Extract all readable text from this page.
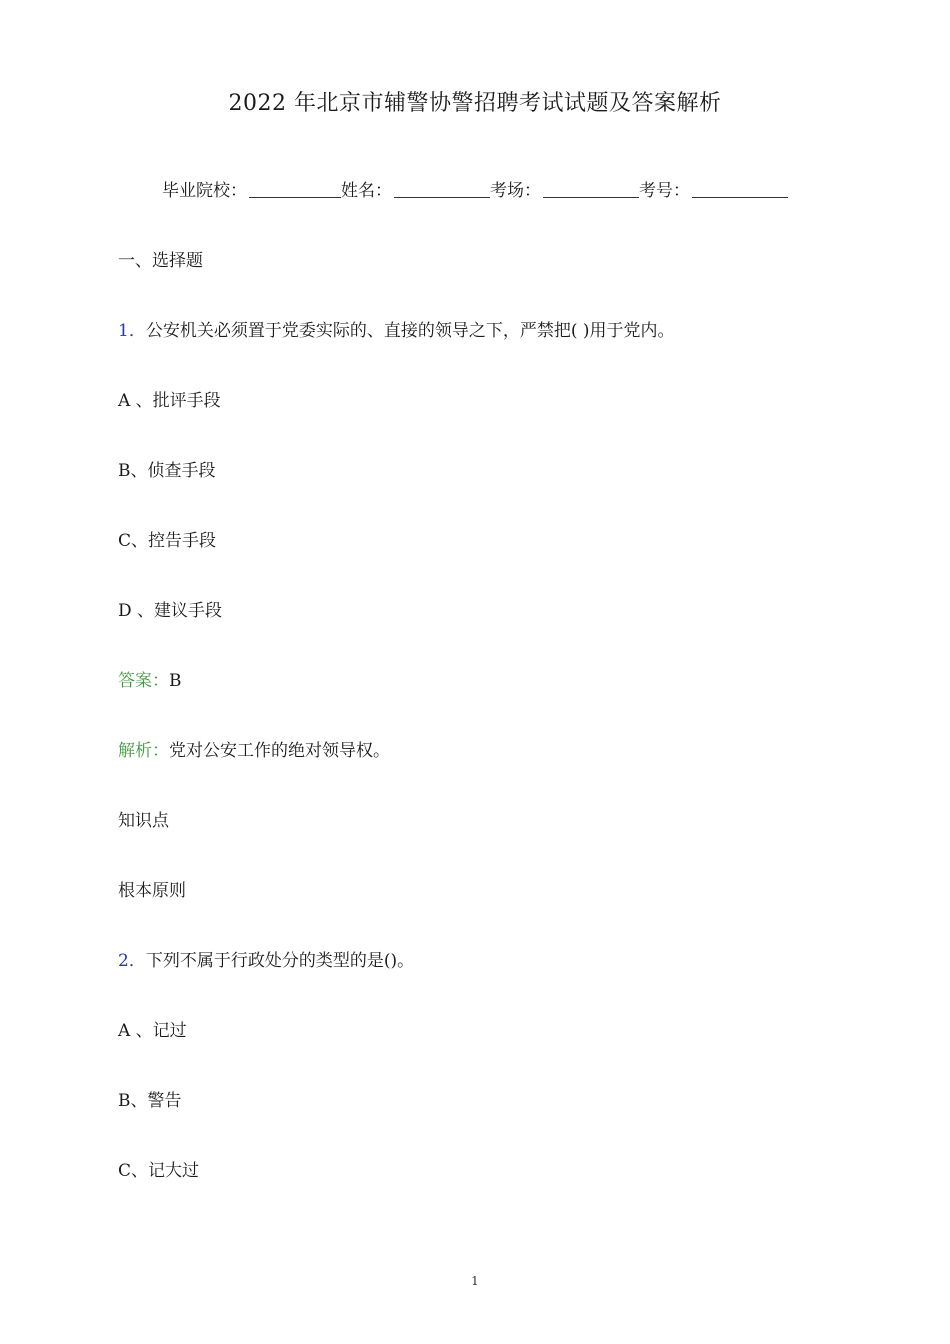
2022 年北京市辅警协警招聘考试试题及答案解析
毕业院校：	姓名：	考场：	考号：
一、选择题
1．公安机关必须置于党委实际的、直接的领导之下，严禁把( )用于党内。
A 、批评手段
B、侦查手段
C、控告手段
D 、建议手段
答案：B
解析：党对公安工作的绝对领导权。
知识点
根本原则
2．下列不属于行政处分的类型的是()。
A 、记过
B、警告
C、记大过
1
